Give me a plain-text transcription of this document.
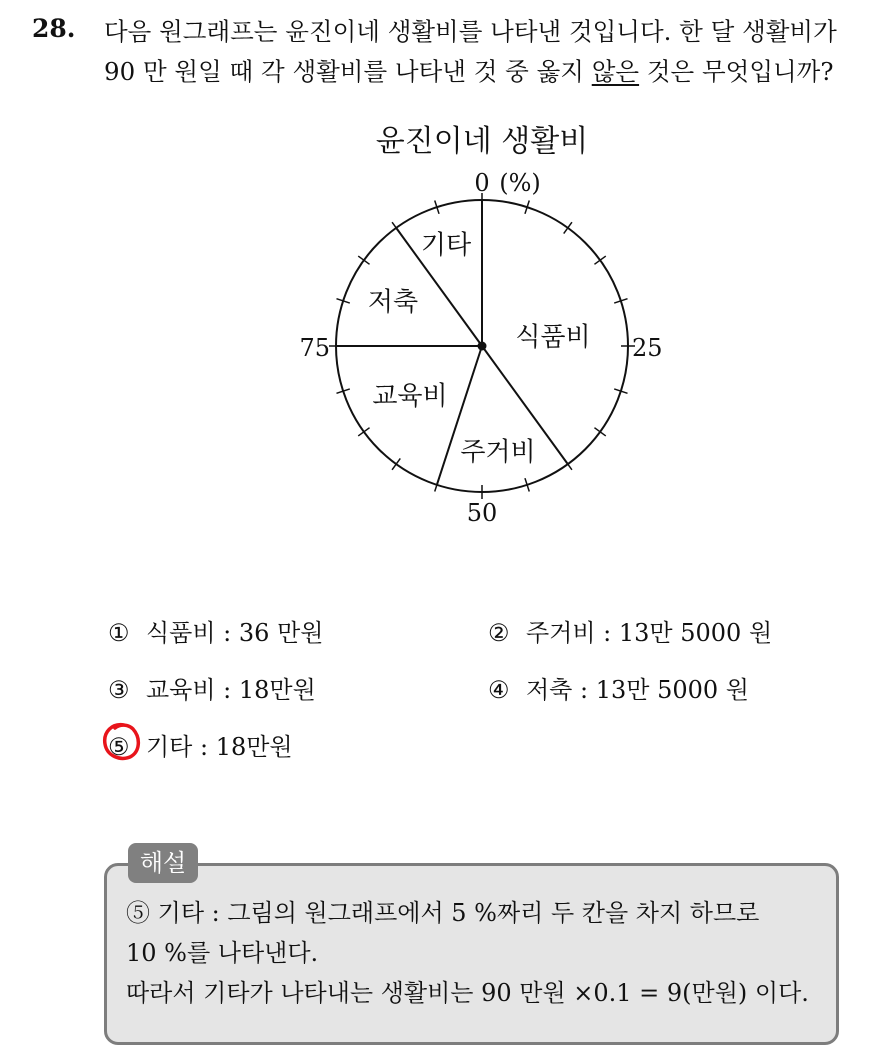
28. 다음 원그래프는 윤진이네 생활비를 나타낸 것입니다. 한 달 생활비가
90 만 원일 때 각 생활비를 나타낸 것 중 옳지 않은 것은 무엇입니까?
윤진이네 생활비
식품비
주거비
교육비
저축
기타
0 (%)
25
50
75
① 식품비 : 36 만원	② 주거비 : 13만 5000 원
③ 교육비 : 18만원	④ 저축 : 13만 5000 원
⑤ 기타 : 18만원
해설
⑤ 기타 : 그림의 원그래프에서 5 %짜리 두 칸을 차지 하므로
10 %를 나타낸다.
따라서 기타가 나타내는 생활비는 90 만원 ×0.1 = 9(만원) 이다.
